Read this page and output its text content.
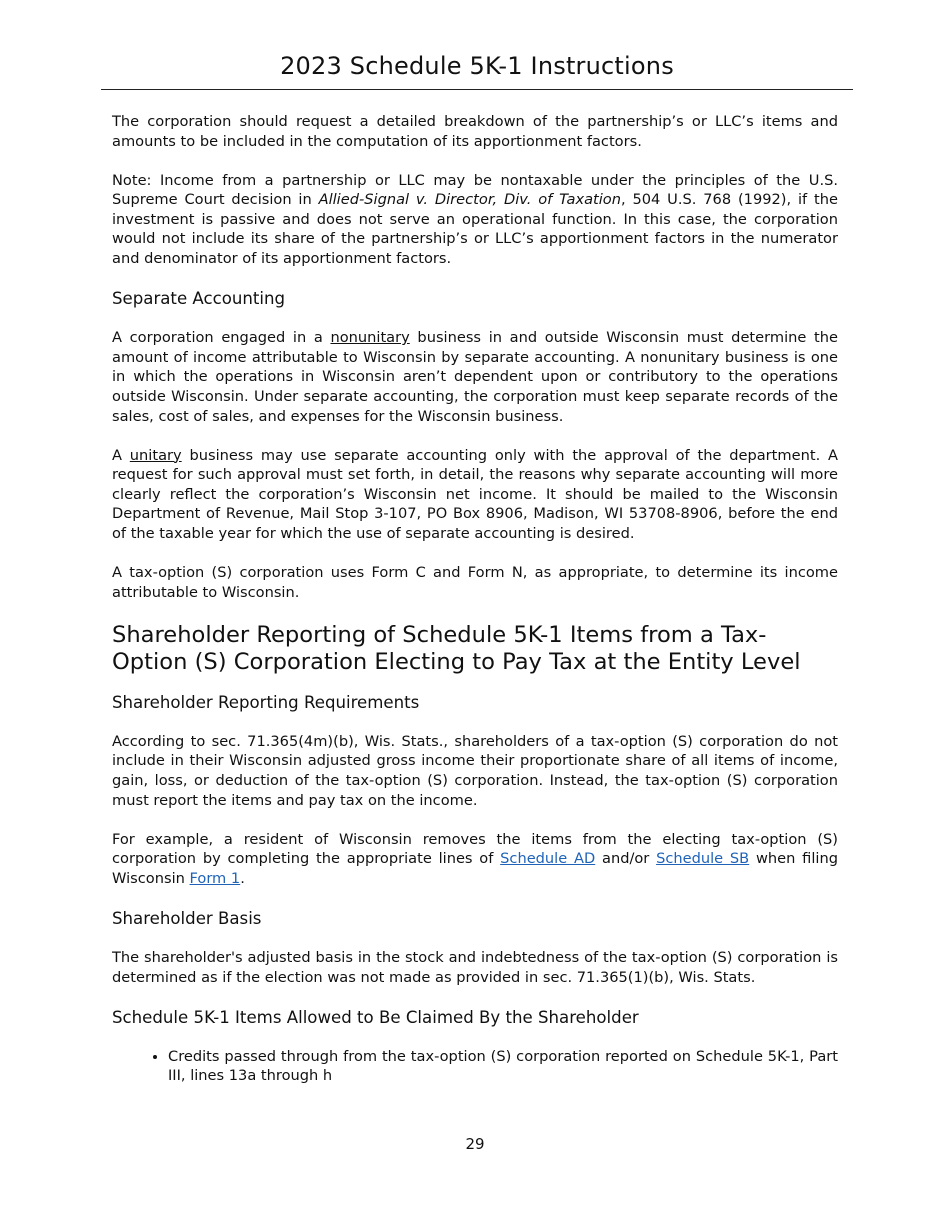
2023 Schedule 5K-1 Instructions

The corporation should request a detailed breakdown of the partnership’s or LLC’s items and amounts to be included in the computation of its apportionment factors.

Note: Income from a partnership or LLC may be nontaxable under the principles of the U.S. Supreme Court decision in Allied-Signal v. Director, Div. of Taxation, 504 U.S. 768 (1992), if the investment is passive and does not serve an operational function. In this case, the corporation would not include its share of the partnership’s or LLC’s apportionment factors in the numerator and denominator of its apportionment factors.

Separate Accounting

A corporation engaged in a nonunitary business in and outside Wisconsin must determine the amount of income attributable to Wisconsin by separate accounting. A nonunitary business is one in which the operations in Wisconsin aren’t dependent upon or contributory to the operations outside Wisconsin. Under separate accounting, the corporation must keep separate records of the sales, cost of sales, and expenses for the Wisconsin business.

A unitary business may use separate accounting only with the approval of the department. A request for such approval must set forth, in detail, the reasons why separate accounting will more clearly reflect the corporation’s Wisconsin net income. It should be mailed to the Wisconsin Department of Revenue, Mail Stop 3-107, PO Box 8906, Madison, WI 53708-8906, before the end of the taxable year for which the use of separate accounting is desired.

A tax-option (S) corporation uses Form C and Form N, as appropriate, to determine its income attributable to Wisconsin.

Shareholder Reporting of Schedule 5K-1 Items from a Tax-Option (S) Corporation Electing to Pay Tax at the Entity Level
Shareholder Reporting Requirements

According to sec. 71.365(4m)(b), Wis. Stats., shareholders of a tax-option (S) corporation do not include in their Wisconsin adjusted gross income their proportionate share of all items of income, gain, loss, or deduction of the tax-option (S) corporation. Instead, the tax-option (S) corporation must report the items and pay tax on the income.

For example, a resident of Wisconsin removes the items from the electing tax-option (S) corporation by completing the appropriate lines of Schedule AD and/or Schedule SB when filing Wisconsin Form 1.

Shareholder Basis

The shareholder's adjusted basis in the stock and indebtedness of the tax-option (S) corporation is determined as if the election was not made as provided in sec. 71.365(1)(b), Wis. Stats.

Schedule 5K-1 Items Allowed to Be Claimed By the Shareholder
• Credits passed through from the tax-option (S) corporation reported on Schedule 5K-1, Part III, lines 13a through h
29
